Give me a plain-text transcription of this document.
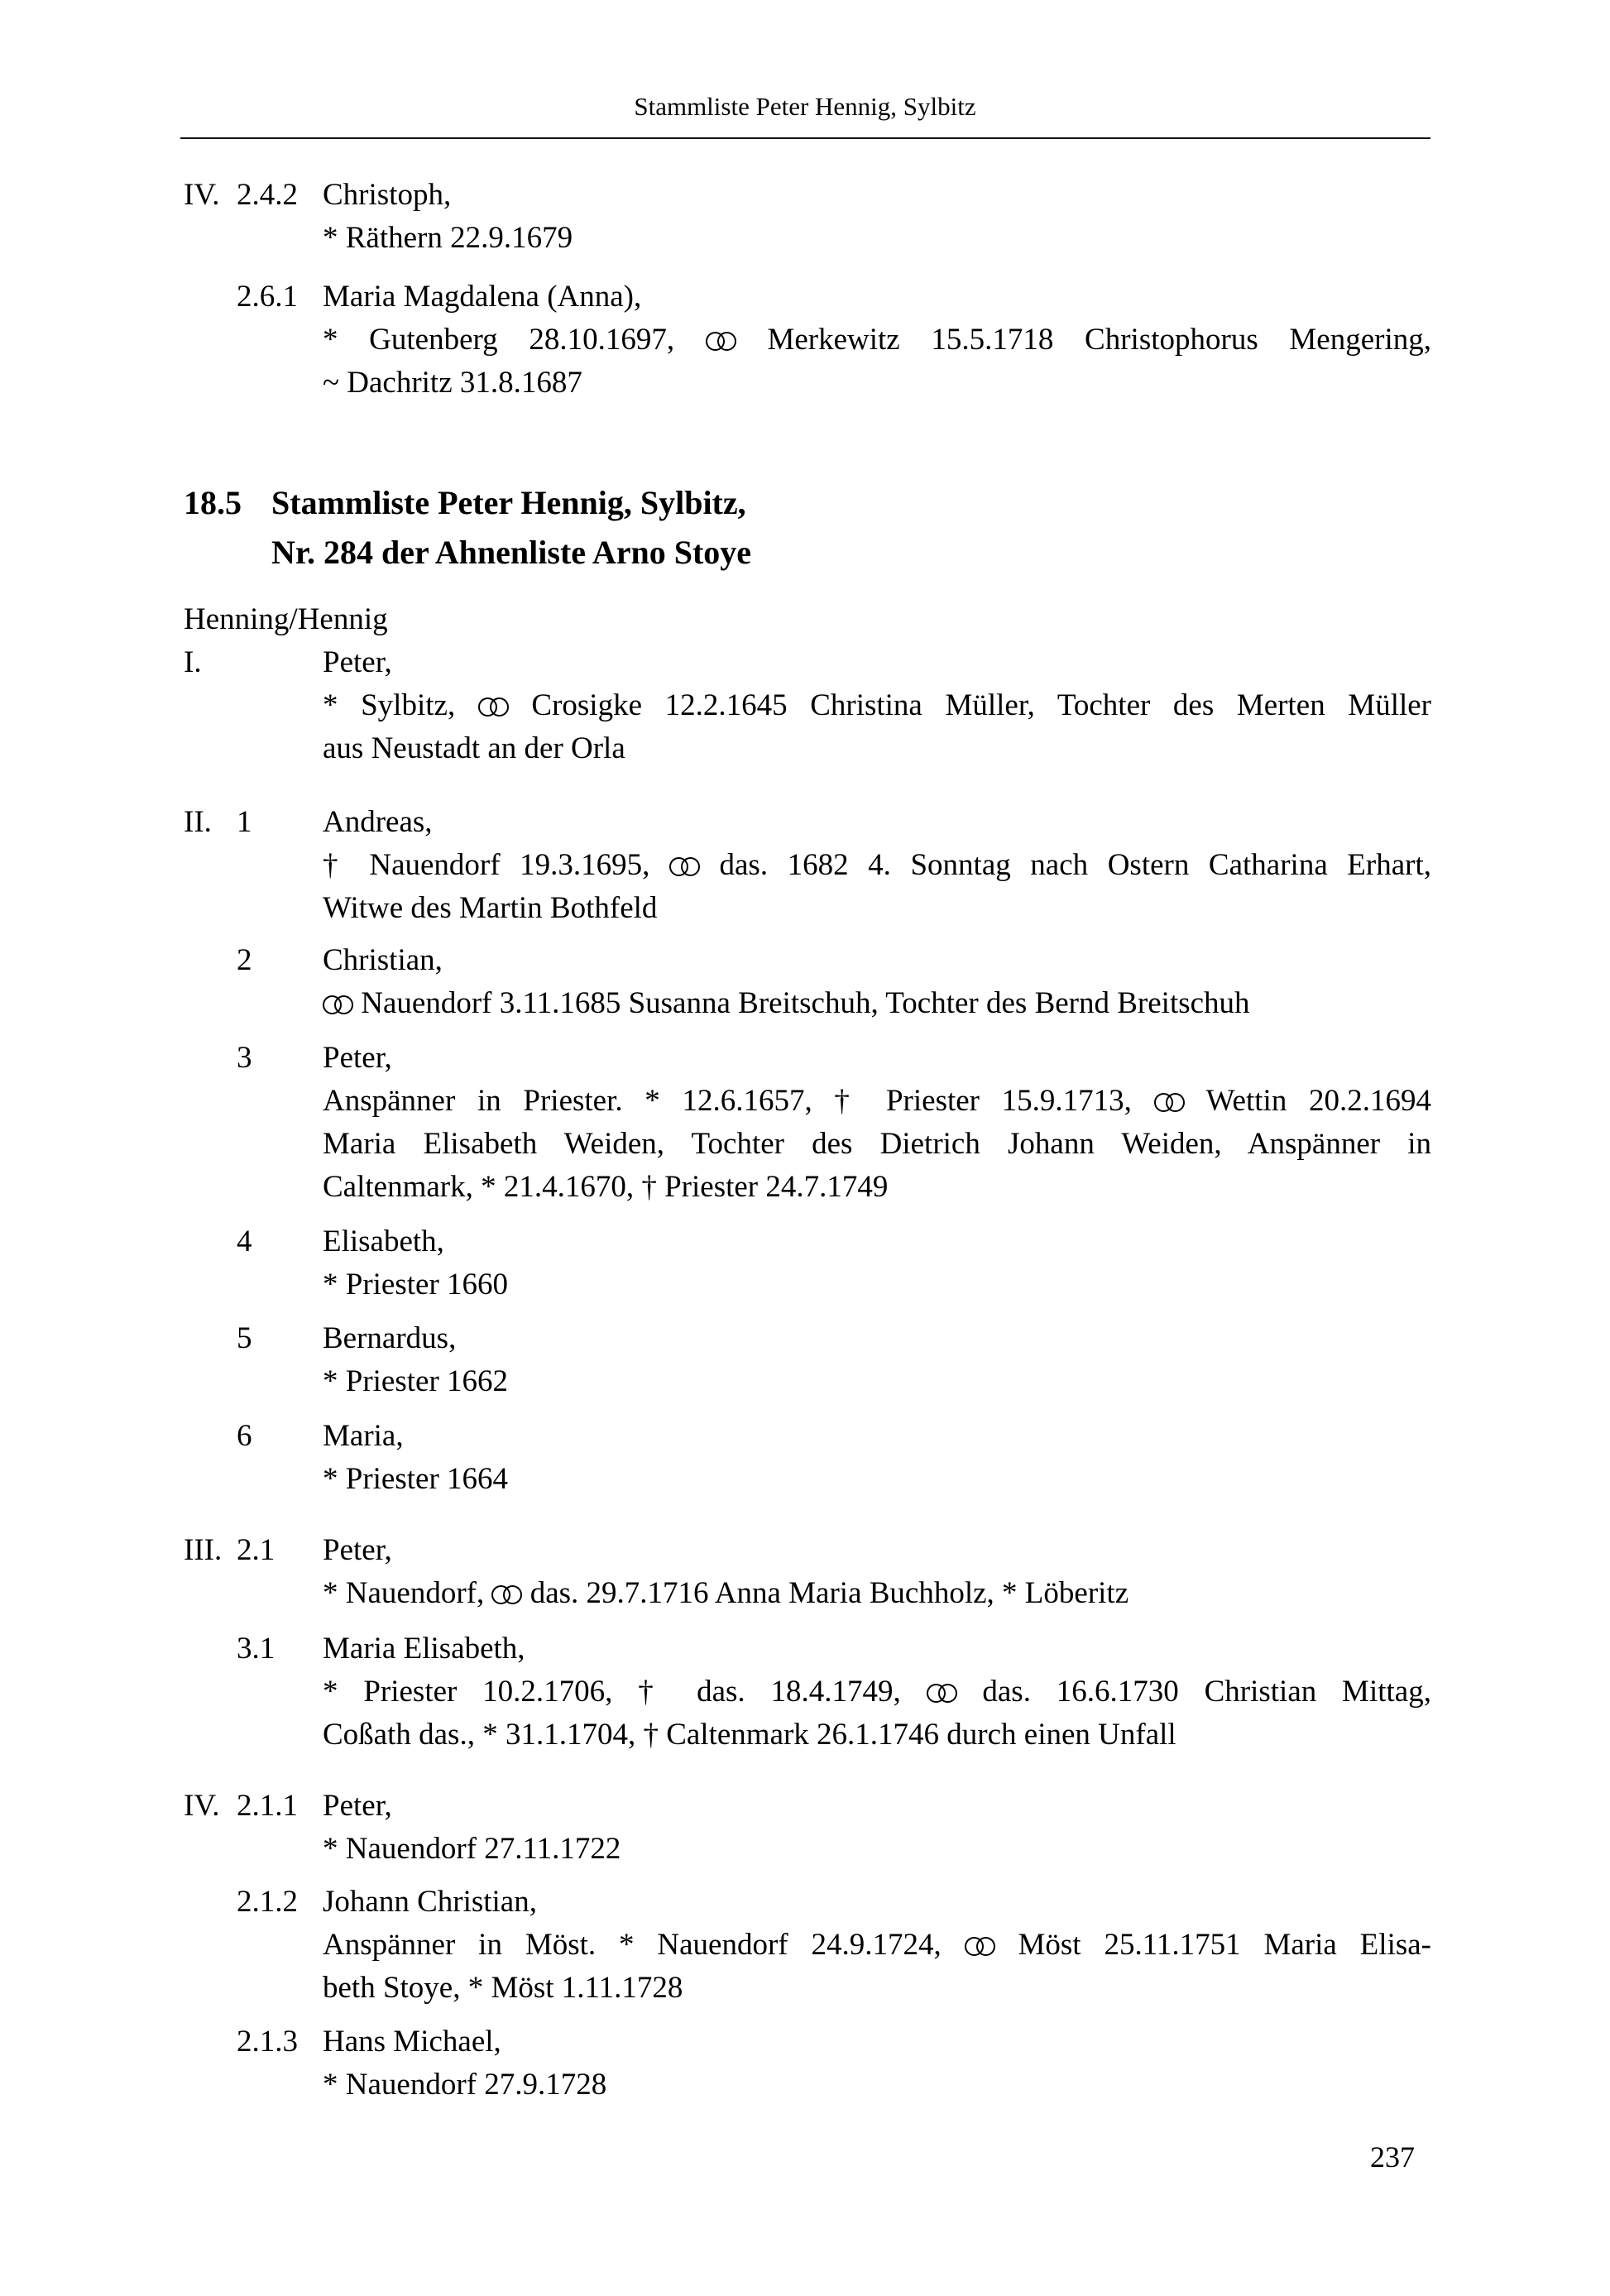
Stammliste Peter Hennig, Sylbitz
IV. 2.4.2 Christoph,
* Räthern 22.9.1679
2.6.1 Maria Magdalena (Anna),
* Gutenberg 28.10.1697,  Merkewitz 15.5.1718 Christophorus Mengering,
~ Dachritz 31.8.1687
18.5 Stammliste Peter Hennig, Sylbitz,
Nr. 284 der Ahnenliste Arno Stoye
Henning/Hennig
I.	Peter,
* Sylbitz,  Crosigke 12.2.1645 Christina Müller, Tochter des Merten Müller
aus Neustadt an der Orla
II. 1	Andreas,
† Nauendorf 19.3.1695,  das. 1682 4. Sonntag nach Ostern Catharina Erhart,
Witwe des Martin Bothfeld
2	Christian,
Nauendorf 3.11.1685 Susanna Breitschuh, Tochter des Bernd Breitschuh
3	Peter,
Anspänner in Priester. * 12.6.1657, † Priester 15.9.1713,  Wettin 20.2.1694
Maria Elisabeth Weiden, Tochter des Dietrich Johann Weiden, Anspänner in
Caltenmark, * 21.4.1670, † Priester 24.7.1749
4	Elisabeth,
* Priester 1660
5	Bernardus,
* Priester 1662
6	Maria,
* Priester 1664
III. 2.1	Peter,
* Nauendorf,  das. 29.7.1716 Anna Maria Buchholz, * Löberitz
3.1	Maria Elisabeth,
* Priester 10.2.1706, † das. 18.4.1749,  das. 16.6.1730 Christian Mittag,
Coßath das., * 31.1.1704, † Caltenmark 26.1.1746 durch einen Unfall
IV. 2.1.1 Peter,
* Nauendorf 27.11.1722
2.1.2 Johann Christian,
Anspänner in Möst. * Nauendorf 24.9.1724,  Möst 25.11.1751 Maria Elisa-
beth Stoye, * Möst 1.11.1728
2.1.3 Hans Michael,
* Nauendorf 27.9.1728
237
